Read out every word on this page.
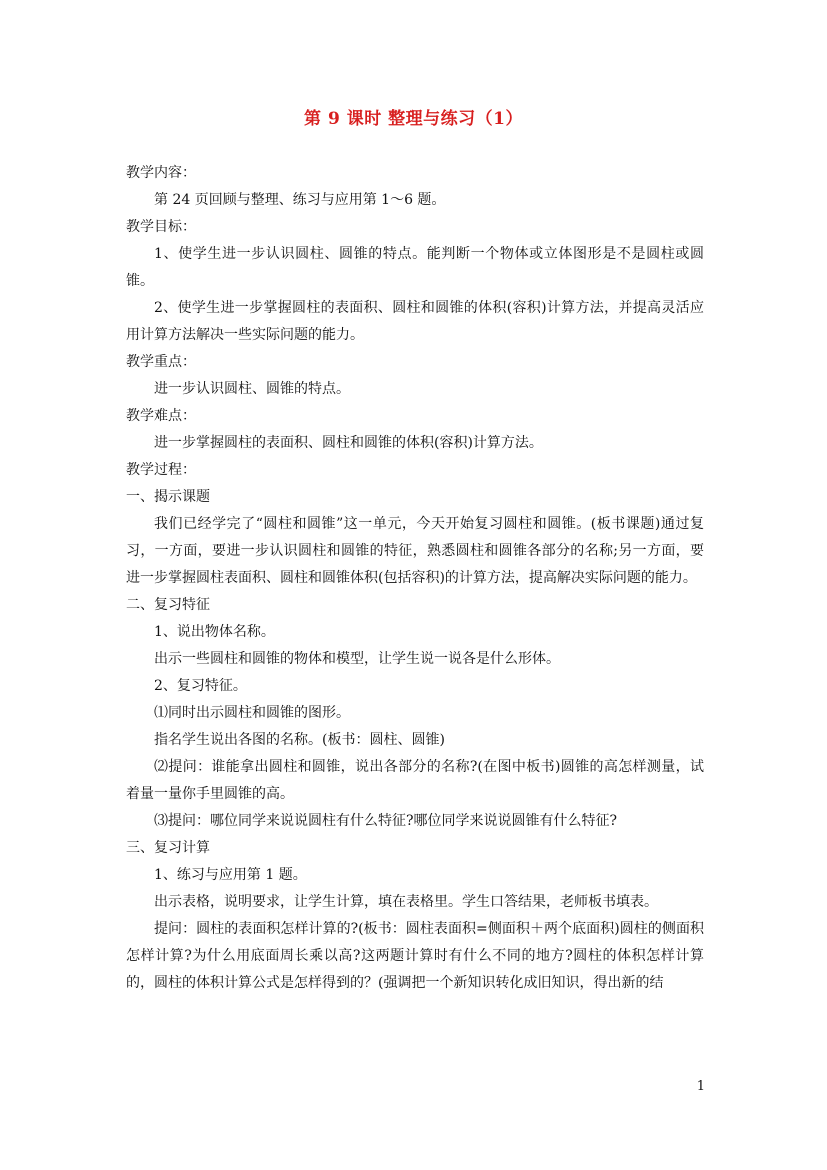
第 9 课时 整理与练习（1）

教学内容：

第 24 页回顾与整理、练习与应用第 1～6 题。

教学目标：

1、使学生进一步认识圆柱、圆锥的特点。能判断一个物体或立体图形是不是圆柱或圆锥。

2、使学生进一步掌握圆柱的表面积、圆柱和圆锥的体积(容积)计算方法，并提高灵活应用计算方法解决一些实际问题的能力。

教学重点：

进一步认识圆柱、圆锥的特点。

教学难点：

进一步掌握圆柱的表面积、圆柱和圆锥的体积(容积)计算方法。

教学过程：

一、揭示课题

我们已经学完了“圆柱和圆锥”这一单元，今天开始复习圆柱和圆锥。(板书课题)通过复习，一方面，要进一步认识圆柱和圆锥的特征，熟悉圆柱和圆锥各部分的名称;另一方面，要进一步掌握圆柱表面积、圆柱和圆锥体积(包括容积)的计算方法，提高解决实际问题的能力。

二、复习特征

1、说出物体名称。

出示一些圆柱和圆锥的物体和模型，让学生说一说各是什么形体。

2、复习特征。

⑴同时出示圆柱和圆锥的图形。

指名学生说出各图的名称。(板书：圆柱、圆锥)

⑵提问：谁能拿出圆柱和圆锥，说出各部分的名称?(在图中板书)圆锥的高怎样测量，试着量一量你手里圆锥的高。

⑶提问：哪位同学来说说圆柱有什么特征?哪位同学来说说圆锥有什么特征?

三、复习计算

1、练习与应用第 1 题。

出示表格，说明要求，让学生计算，填在表格里。学生口答结果，老师板书填表。

提问：圆柱的表面积怎样计算的?(板书：圆柱表面积=侧面积＋两个底面积)圆柱的侧面积怎样计算?为什么用底面周长乘以高?这两题计算时有什么不同的地方?圆柱的体积怎样计算的，圆柱的体积计算公式是怎样得到的？(强调把一个新知识转化成旧知识，得出新的结

1
